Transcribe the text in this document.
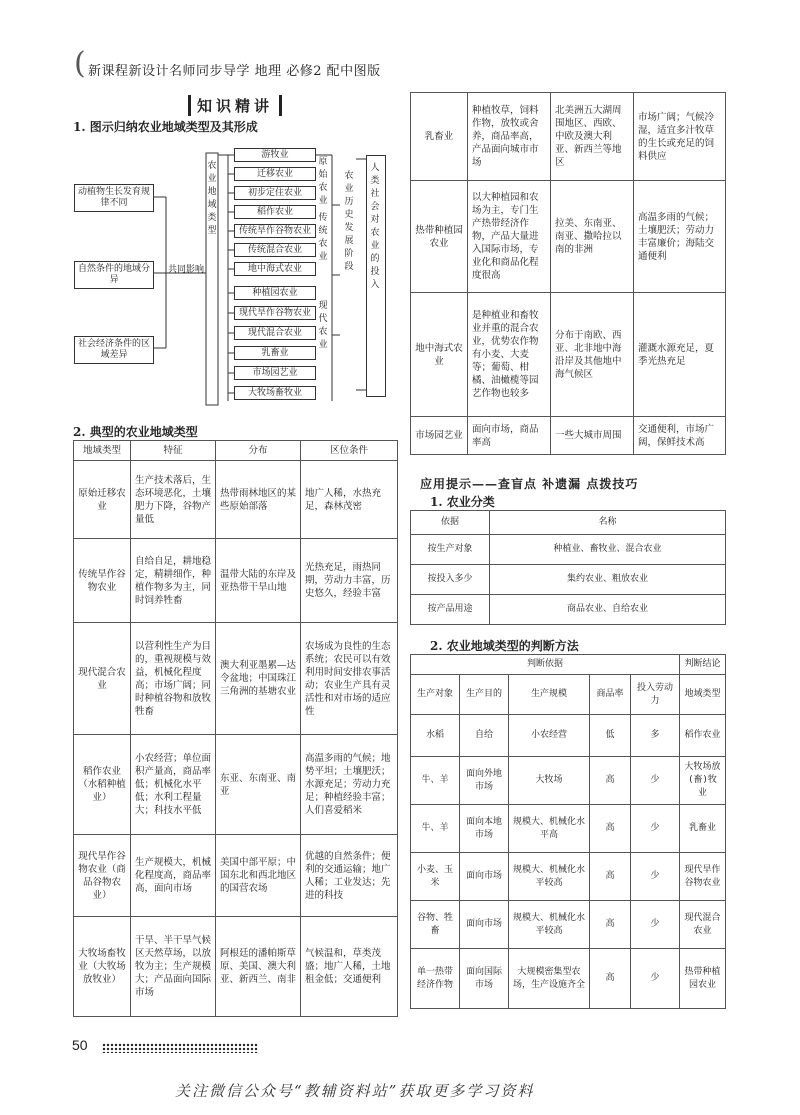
( 新课程新设计名师同步导学 地理 必修2 配中图版
知识精讲
1. 图示归纳农业地域类型及其形成
动植物生长发育规律不同
自然条件的地域分异
社会经济条件的区域差异
共同影响
农业地域类型
游牧业
迁移农业
初步定住农业
稻作农业
传统旱作谷物农业
传统混合农业
地中海式农业
种植园农业
现代旱作谷物农业
现代混合农业
乳畜业
市场园艺业
大牧场畜牧业
原始农业
传统农业
现代农业
农业历史发展阶段
人类社会对农业的投入
2. 典型的农业地域类型
地域类型	特征	分布	区位条件
原始迁移农业	生产技术落后，生态环境恶化，土壤肥力下降，谷物产量低	热带雨林地区的某些原始部落	地广人稀，水热充足，森林茂密
传统旱作谷物农业	自给自足，耕地稳定，精耕细作，种植作物多为主，同时饲养牲畜	温带大陆的东岸及亚热带干旱山地	光热充足，雨热同期，劳动力丰富，历史悠久，经验丰富
现代混合农业	以营利性生产为目的，重视规模与效益，机械化程度高；市场广阔；同时种植谷物和放牧牲畜	澳大利亚墨累—达令盆地；中国珠江三角洲的基塘农业	农场成为良性的生态系统；农民可以有效利用时间安排农事活动；农业生产具有灵活性和对市场的适应性
稻作农业（水稻种植业）	小农经营；单位面积产量高，商品率低；机械化水平低；水利工程量大；科技水平低	东亚、东南亚、南亚	高温多雨的气候；地势平坦；土壤肥沃；水源充足；劳动力充足；种植经验丰富；人们喜爱稻米
现代旱作谷物农业（商品谷物农业）	生产规模大，机械化程度高，商品率高，面向市场	美国中部平原；中国东北和西北地区的国营农场	优越的自然条件；便利的交通运输；地广人稀；工业发达；先进的科技
大牧场畜牧业（大牧场放牧业）	干旱、半干旱气候区天然草场，以放牧为主；生产规模大；产品面向国际市场	阿根廷的潘帕斯草原、美国、澳大利亚、新西兰、南非	气候温和，草类茂盛；地广人稀，土地租金低；交通便利
乳畜业	种植牧草，饲料作物，放牧或舍养，商品率高，产品面向城市市场	北美洲五大湖周围地区、西欧、中欧及澳大利亚、新西兰等地区	市场广阔；气候冷湿，适宜多汁牧草的生长或充足的饲料供应
热带种植园农业	以大种植园和农场为主，专门生产热带经济作物，产品大量进入国际市场，专业化和商品化程度很高	拉美、东南亚、南亚、撒哈拉以南的非洲	高温多雨的气候；土壤肥沃；劳动力丰富廉价；海陆交通便利
地中海式农业	是种植业和畜牧业并重的混合农业，优势农作物有小麦、大麦等；葡萄、柑橘、油橄榄等园艺作物也较多	分布于南欧、西亚、北非地中海沿岸及其他地中海气候区	灌溉水源充足，夏季光热充足
市场园艺业	面向市场，商品率高	一些大城市周围	交通便利，市场广阔，保鲜技术高
应用提示——查盲点 补遗漏 点拨技巧
1. 农业分类
依据	名称
按生产对象	种植业、畜牧业、混合农业
按投入多少	集约农业、粗放农业
按产品用途	商品农业、自给农业
2. 农业地域类型的判断方法
判断依据					判断结论
生产对象	生产目的	生产规模	商品率	投入劳动力	地域类型
水稻	自给	小农经营	低	多	稻作农业
牛、羊	面向外地市场	大牧场	高	少	大牧场放(畜)牧业
牛、羊	面向本地市场	规模大、机械化水平高	高	少	乳畜业
小麦、玉米	面向市场	规模大、机械化水平较高	高	少	现代旱作谷物农业
谷物、牲畜	面向市场	规模大、机械化水平较高	高	少	现代混合农业
单一热带经济作物	面向国际市场	大规模密集型农场，生产设施齐全	高	少	热带种植园农业
50
关注微信公众号“教辅资料站”获取更多学习资料
